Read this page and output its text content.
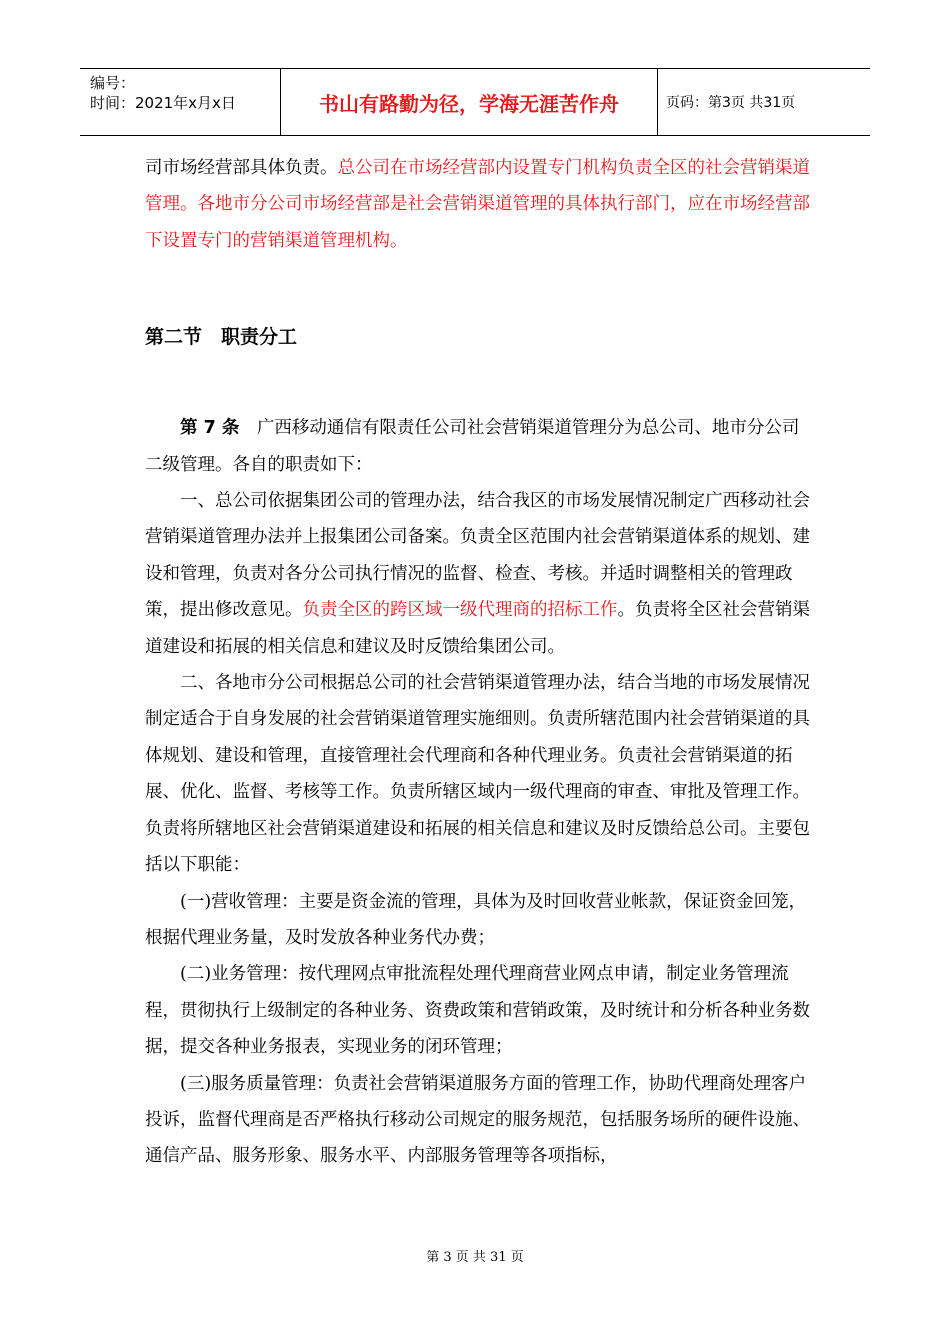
编号：
时间：2021年x月x日	书山有路勤为径，学海无涯苦作舟	页码：第3页 共31页

司市场经营部具体负责。总公司在市场经营部内设置专门机构负责全区的社会营销渠道管理。各地市分公司市场经营部是社会营销渠道管理的具体执行部门，应在市场经营部下设置专门的营销渠道管理机构。

第二节　职责分工

第 7 条　广西移动通信有限责任公司社会营销渠道管理分为总公司、地市分公司二级管理。各自的职责如下：

一、总公司依据集团公司的管理办法，结合我区的市场发展情况制定广西移动社会营销渠道管理办法并上报集团公司备案。负责全区范围内社会营销渠道体系的规划、建设和管理，负责对各分公司执行情况的监督、检查、考核。并适时调整相关的管理政策，提出修改意见。负责全区的跨区域一级代理商的招标工作。负责将全区社会营销渠道建设和拓展的相关信息和建议及时反馈给集团公司。

二、各地市分公司根据总公司的社会营销渠道管理办法，结合当地的市场发展情况制定适合于自身发展的社会营销渠道管理实施细则。负责所辖范围内社会营销渠道的具体规划、建设和管理，直接管理社会代理商和各种代理业务。负责社会营销渠道的拓展、优化、监督、考核等工作。负责所辖区域内一级代理商的审查、审批及管理工作。负责将所辖地区社会营销渠道建设和拓展的相关信息和建议及时反馈给总公司。主要包括以下职能：

(一)营收管理：主要是资金流的管理，具体为及时回收营业帐款，保证资金回笼，根据代理业务量，及时发放各种业务代办费；

(二)业务管理：按代理网点审批流程处理代理商营业网点申请，制定业务管理流程，贯彻执行上级制定的各种业务、资费政策和营销政策，及时统计和分析各种业务数据，提交各种业务报表，实现业务的闭环管理；

(三)服务质量管理：负责社会营销渠道服务方面的管理工作，协助代理商处理客户投诉，监督代理商是否严格执行移动公司规定的服务规范，包括服务场所的硬件设施、通信产品、服务形象、服务水平、内部服务管理等各项指标，

第 3 页 共 31 页
